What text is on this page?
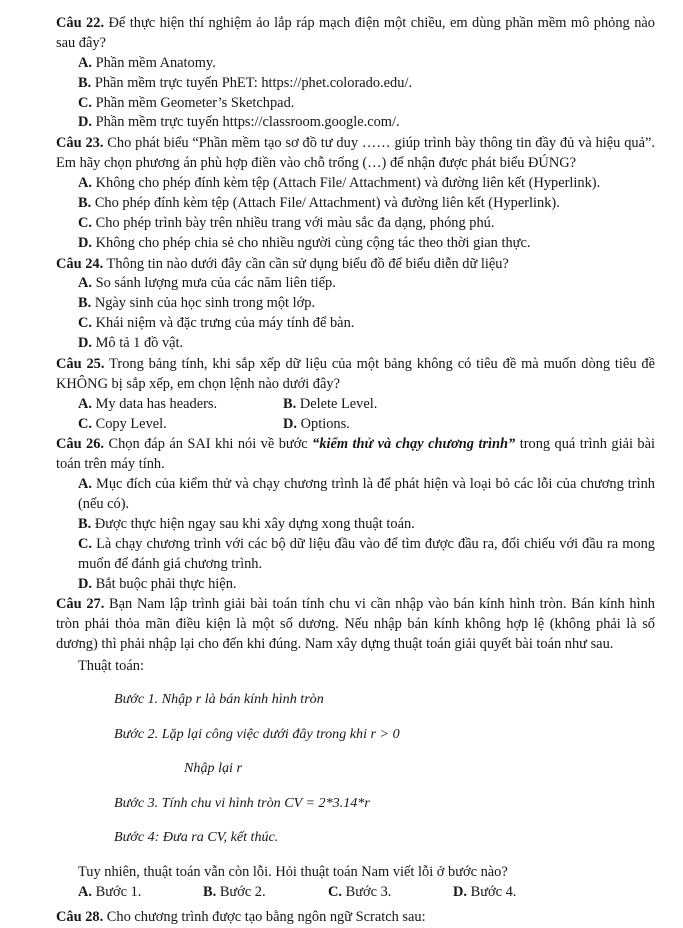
Câu 22. Để thực hiện thí nghiệm ảo lắp ráp mạch điện một chiều, em dùng phần mềm mô phỏng nào sau đây?

A. Phần mềm Anatomy.

B. Phần mềm trực tuyến PhET: https://phet.colorado.edu/.

C. Phần mềm Geometer’s Sketchpad.

D. Phần mềm trực tuyến https://classroom.google.com/.

Câu 23. Cho phát biểu “Phần mềm tạo sơ đồ tư duy …… giúp trình bày thông tin đầy đủ và hiệu quả”. Em hãy chọn phương án phù hợp điền vào chỗ trống (…) để nhận được phát biểu ĐÚNG?

A. Không cho phép đính kèm tệp (Attach File/ Attachment) và đường liên kết (Hyperlink).

B. Cho phép đính kèm tệp (Attach File/ Attachment) và đường liên kết (Hyperlink).

C. Cho phép trình bày trên nhiều trang với màu sắc đa dạng, phóng phú.

D. Không cho phép chia sẻ cho nhiều người cùng cộng tác theo thời gian thực.

Câu 24. Thông tin nào dưới đây cần cần sử dụng biểu đồ để biểu diễn dữ liệu?

A. So sánh lượng mưa của các năm liên tiếp.

B. Ngày sinh của học sinh trong một lớp.

C. Khái niệm và đặc trưng của máy tính để bàn.

D. Mô tả 1 đồ vật.

Câu 25. Trong bảng tính, khi sắp xếp dữ liệu của một bảng không có tiêu đề mà muốn dòng tiêu đề KHÔNG bị sắp xếp, em chọn lệnh nào dưới đây?

A. My data has headers.	B. Delete Level.
C. Copy Level.	D. Options.

Câu 26. Chọn đáp án SAI khi nói về bước “kiểm thử và chạy chương trình” trong quá trình giải bài toán trên máy tính.

A. Mục đích của kiểm thử và chạy chương trình là để phát hiện và loại bỏ các lỗi của chương trình (nếu có).

B. Được thực hiện ngay sau khi xây dựng xong thuật toán.

C. Là chạy chương trình với các bộ dữ liệu đầu vào để tìm được đầu ra, đối chiếu với đầu ra mong muốn để đánh giá chương trình.

D. Bắt buộc phải thực hiện.

Câu 27. Bạn Nam lập trình giải bài toán tính chu vi cần nhập vào bán kính hình tròn. Bán kính hình tròn phải thỏa mãn điều kiện là một số dương. Nếu nhập bán kính không hợp lệ (không phải là số dương) thì phải nhập lại cho đến khi đúng. Nam xây dựng thuật toán giải quyết bài toán như sau.

Thuật toán:

Bước 1. Nhập r là bán kính hình tròn

Bước 2. Lặp lại công việc dưới đây trong khi r > 0

Nhập lại r

Bước 3. Tính chu vi hình tròn CV = 2*3.14*r

Bước 4: Đưa ra CV, kết thúc.

Tuy nhiên, thuật toán vẫn còn lỗi. Hỏi thuật toán Nam viết lỗi ở bước nào?

A. Bước 1.	B. Bước 2.	C. Bước 3.	D. Bước 4.

Câu 28. Cho chương trình được tạo bằng ngôn ngữ Scratch sau:
